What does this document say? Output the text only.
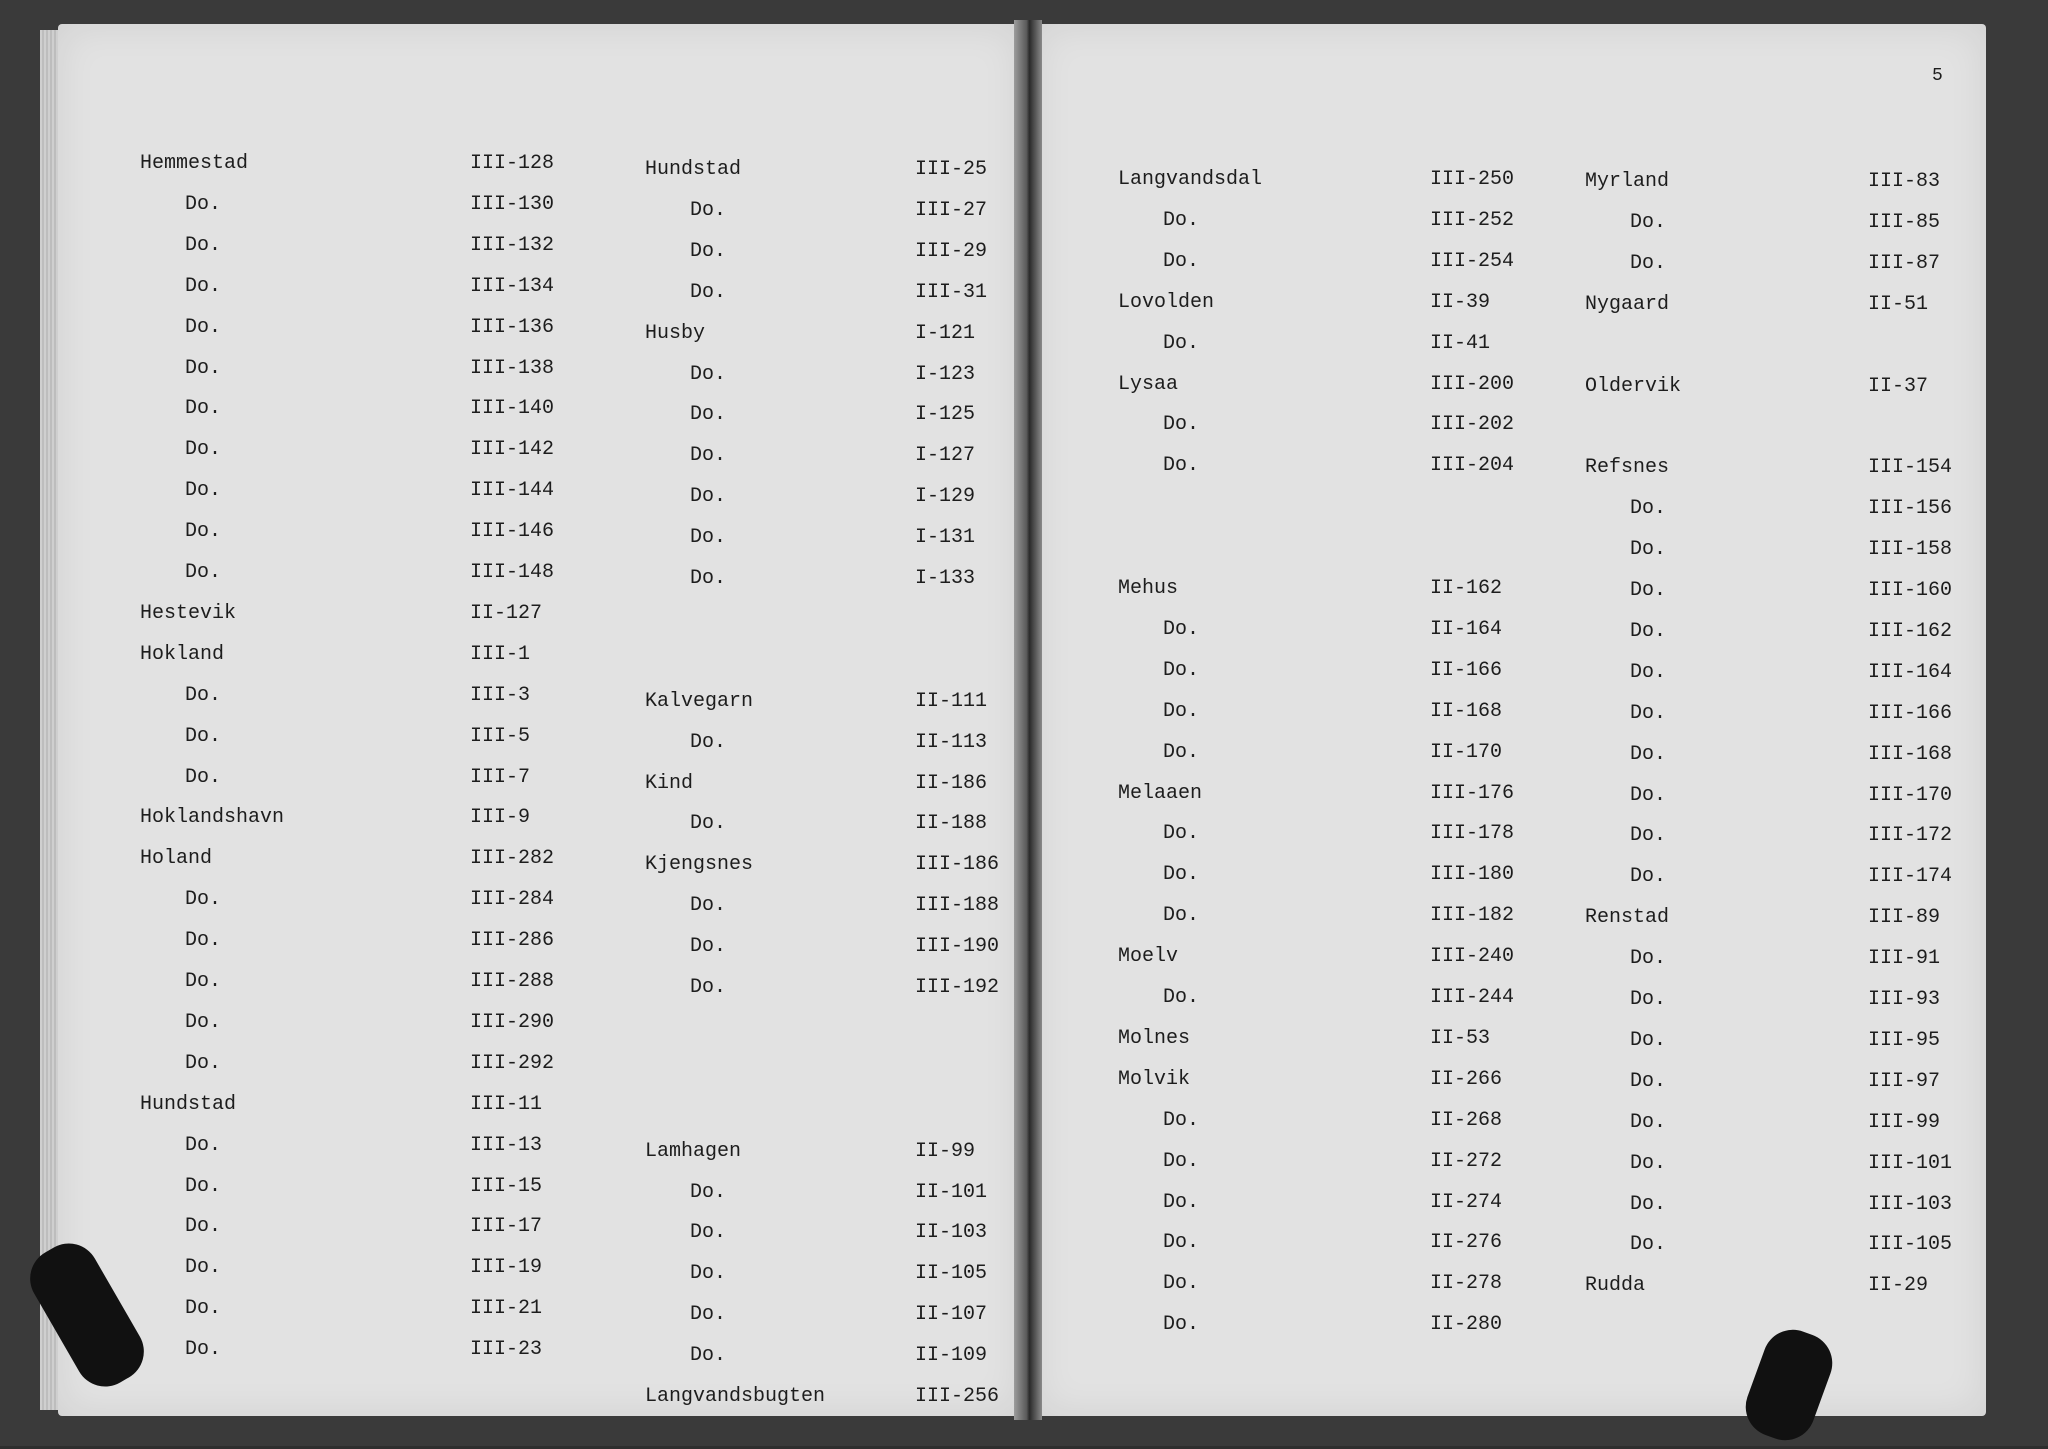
5
Hemmestad	III-128
Do.	III-130
Do.	III-132
Do.	III-134
Do.	III-136
Do.	III-138
Do.	III-140
Do.	III-142
Do.	III-144
Do.	III-146
Do.	III-148
Hestevik	II-127
Hokland	III-1
Do.	III-3
Do.	III-5
Do.	III-7
Hoklandshavn	III-9
Holand	III-282
Do.	III-284
Do.	III-286
Do.	III-288
Do.	III-290
Do.	III-292
Hundstad	III-11
Do.	III-13
Do.	III-15
Do.	III-17
Do.	III-19
Do.	III-21
Do.	III-23
Hundstad	III-25
Do.	III-27
Do.	III-29
Do.	III-31
Husby	I-121
Do.	I-123
Do.	I-125
Do.	I-127
Do.	I-129
Do.	I-131
Do.	I-133
Kalvegarn	II-111
Do.	II-113
Kind	II-186
Do.	II-188
Kjengsnes	III-186
Do.	III-188
Do.	III-190
Do.	III-192
Lamhagen	II-99
Do.	II-101
Do.	II-103
Do.	II-105
Do.	II-107
Do.	II-109
Langvandsbugten	III-256
Langvandsdal	III-250
Do.	III-252
Do.	III-254
Lovolden	II-39
Do.	II-41
Lysaa	III-200
Do.	III-202
Do.	III-204
Mehus	II-162
Do.	II-164
Do.	II-166
Do.	II-168
Do.	II-170
Melaaen	III-176
Do.	III-178
Do.	III-180
Do.	III-182
Moelv	III-240
Do.	III-244
Molnes	II-53
Molvik	II-266
Do.	II-268
Do.	II-272
Do.	II-274
Do.	II-276
Do.	II-278
Do.	II-280
Myrland	III-83
Do.	III-85
Do.	III-87
Nygaard	II-51
Oldervik	II-37
Refsnes	III-154
Do.	III-156
Do.	III-158
Do.	III-160
Do.	III-162
Do.	III-164
Do.	III-166
Do.	III-168
Do.	III-170
Do.	III-172
Do.	III-174
Renstad	III-89
Do.	III-91
Do.	III-93
Do.	III-95
Do.	III-97
Do.	III-99
Do.	III-101
Do.	III-103
Do.	III-105
Rudda	II-29
